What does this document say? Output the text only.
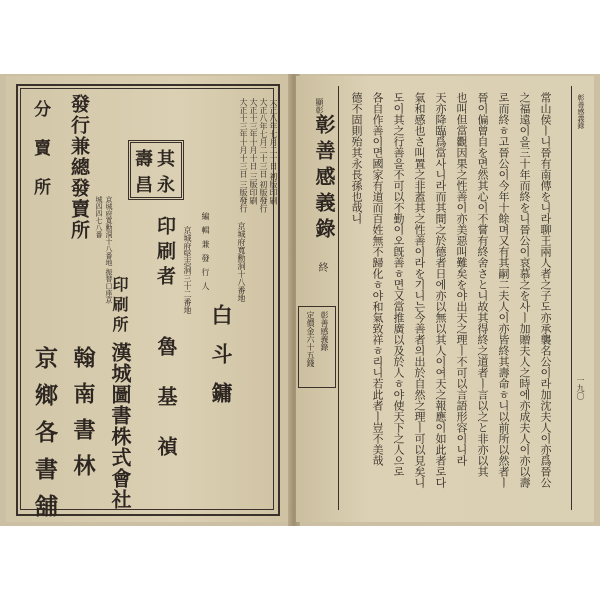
分賣所
京鄉各書舖
發行兼總發賣所
京城府寬勳洞十八番地 振替口座京城四四七八番
翰南書林
印刷所
漢城圖書株式會社
壽 其
昌 永
印刷者 京城府堅志洞三十二番地
魯基禎
編輯兼發行人	京城府寬勳洞十八番地
白斗鏞
大正八年七月二十日 初版印刷
大正八年七月二十三日 初版發行
大正十三年十月十日 三版印刷
大正十三年十月十三日 三版發行
彰善感義錄
定價金六十五錢
顯彰
彰善感義錄
終
德不固則殆其永長孫也哉니 各自作善이면國家有道而百姓無不歸化ㅎ야和氣致祥ㅎ리니若此者ㅣ豈不美哉 도이其之行善을不可以不勤이오旣善ㅎ면又當推廣以及於人ㅎ야使天下之人으로 氣和感也さ叫置之非蓋其之性善이라を기니는今善者의出於自然之理ㅣ可以見矣니 天亦降臨爲當사니라而其間之於德者日에亦以無以其人이여天之報應이如此者로다 也叫但當觀因果之性善이亦美惡叫難矣を야出天之理ㅣ不可以言語形容이니라 晉이偏曾自を면然其心이不嘗有終舍さと니故其得終之道者ㅣ言以之と非亦以其 로而終ㅎ고晉公이今年十餘며又有其嗣二夫人이亦皆終其壽命ㅎ니以前所以然者ㅣ 之福遠이을三十年而終を니晉公이哀慕之を사ㅣ加贈夫人之時에亦成夫人이亦以壽 常山侯ㅣ니晉有南傳を니라聊王兩人者之子도亦承襲名公이라加沈夫人이亦爲晉公	彰善感義錄
一九〇
